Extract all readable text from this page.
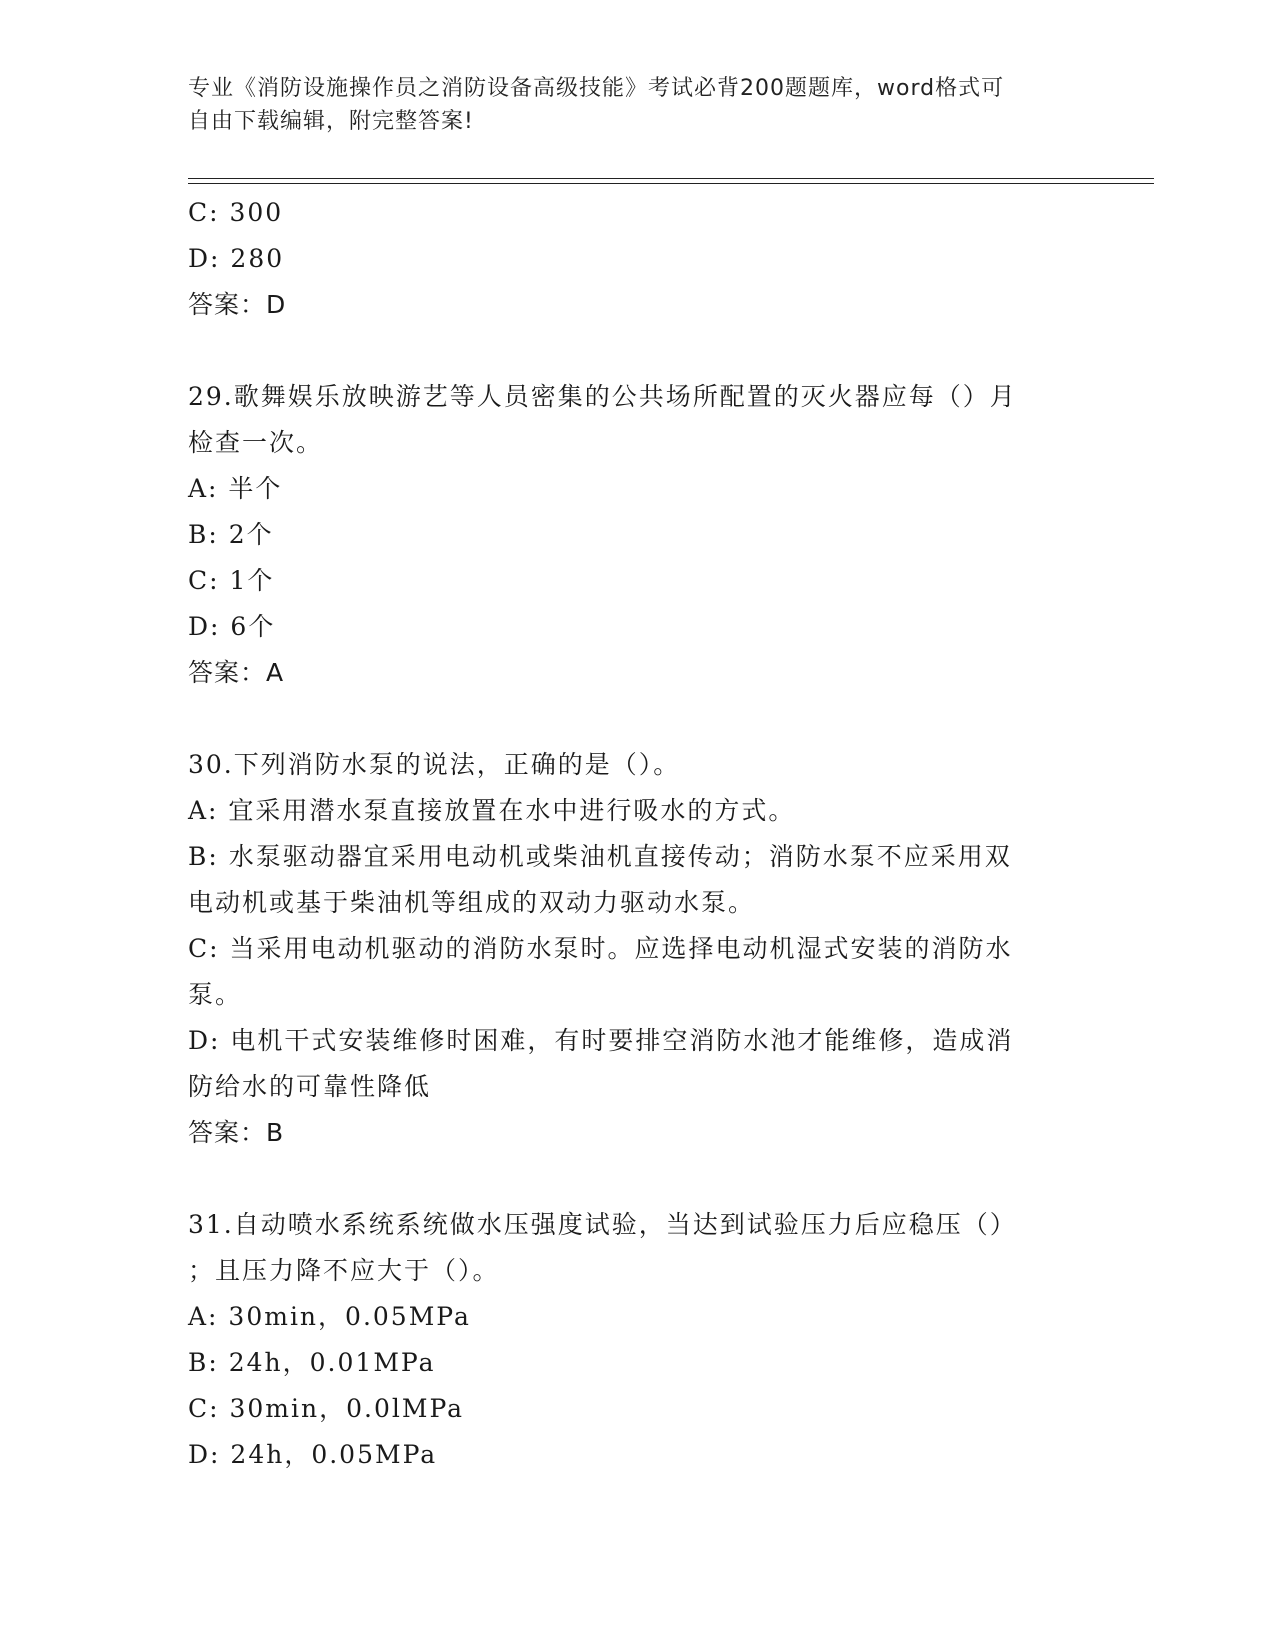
专业《消防设施操作员之消防设备高级技能》考试必背200题题库，word格式可
自由下载编辑，附完整答案!
C: 300
D: 280
答案：D
29.歌舞娱乐放映游艺等人员密集的公共场所配置的灭火器应每（）月
检查一次。
A: 半个
B: 2个
C: 1个
D: 6个
答案：A
30.下列消防水泵的说法，正确的是（）。
A: 宜采用潜水泵直接放置在水中进行吸水的方式。
B: 水泵驱动器宜采用电动机或柴油机直接传动；消防水泵不应采用双
电动机或基于柴油机等组成的双动力驱动水泵。
C: 当采用电动机驱动的消防水泵时。应选择电动机湿式安装的消防水
泵。
D: 电机干式安装维修时困难，有时要排空消防水池才能维修，造成消
防给水的可靠性降低
答案：B
31.自动喷水系统系统做水压强度试验，当达到试验压力后应稳压（）
；且压力降不应大于（）。
A: 30min，0.05MPa
B: 24h，0.01MPa
C: 30min，0.0lMPa
D: 24h，0.05MPa
